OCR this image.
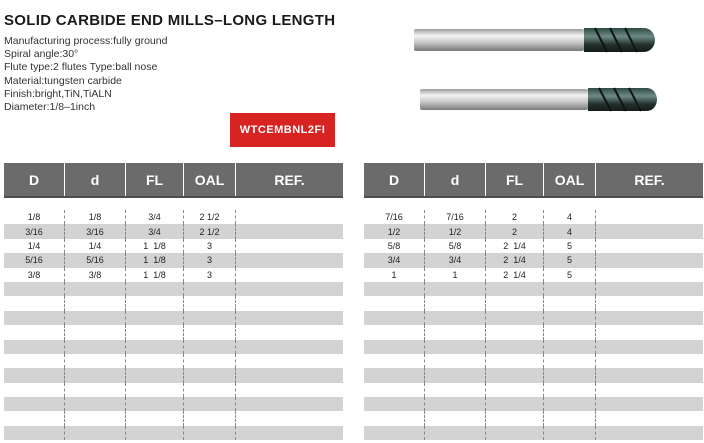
SOLID CARBIDE END MILLS–LONG LENGTH
Manufacturing process:fully ground
Spiral angle:30°
Flute type:2 flutes Type:ball nose
Material:tungsten carbide
Finish:bright,TiN,TiALN
Diameter:1/8–1inch
WTCEMBNL2FI
D	d	FL	OAL	REF.
1/8	1/8	3/4	2 1/2
3/16	3/16	3/4	2 1/2
1/4	1/4	1  1/8	3
5/16	5/16	1  1/8	3
3/8	3/8	1  1/8	3
D	d	FL	OAL	REF.
7/16	7/16	2	4
1/2	1/2	2	4
5/8	5/8	2  1/4	5
3/4	3/4	2  1/4	5
1	1	2  1/4	5
